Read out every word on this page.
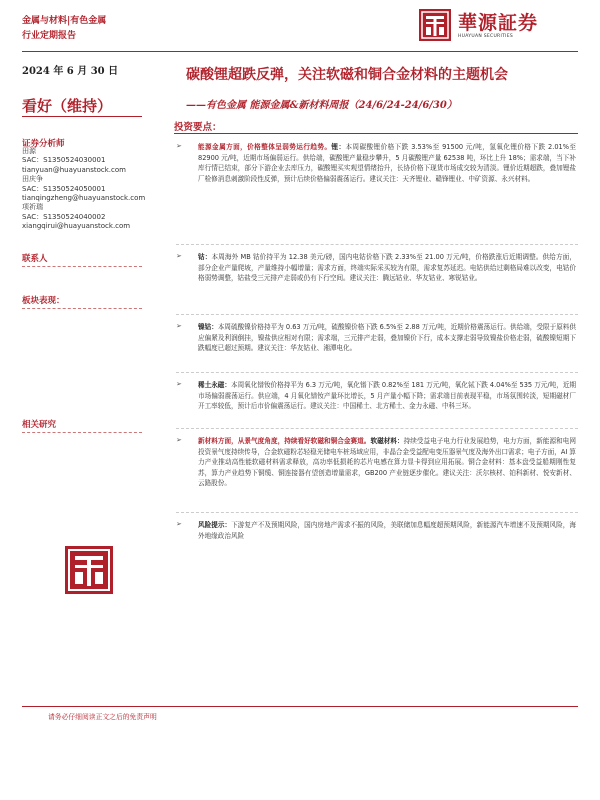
金属与材料|有色金属
行业定期报告
華源証券
HUAYUAN SECURITIES
2024 年 6 月 30 日
看好（维持）
碳酸锂超跌反弹，关注软磁和铜合金材料的主题机会
——有色金属 能源金属&新材料周报（24/6/24-24/6/30）
证券分析师
田源
SAC：S1350524030001
tianyuan@huayuanstock.com
田庆争
SAC：S1350524050001
tianqingzheng@huayuanstock.com
项祈瑞
SAC：S1350524040002
xiangqirui@huayuanstock.com
联系人
板块表现：
相关研究
投资要点：
➢ 能源金属方面，价格整体呈弱势运行趋势。锂：本周碳酸锂价格下跌 3.53%至 91500 元/吨，氢氧化锂价格下跌 2.01%至 82900 元/吨，近期市场偏弱运行。供给端，碳酸锂产量稳步攀升，5 月碳酸锂产量 62538 吨，环比上升 18%；需求端，当下补库行情已结束，部分下游企业去库压力，碳酸锂买实观望情绪抬升，长协价格下现货市场成交较为清淡。锂价近期超跌，叠加锂盐厂检修消息刺激阶段性反弹，预计后续价格偏弱震荡运行。建议关注：天齐锂业、赣锋锂业、中矿资源、永兴材料。
➢ 钴：本周海外 MB 钴价持平为 12.38 美元/磅，国内电钴价格下跌 2.33%至 21.00 万元/吨，价格跌涨后近期调整。供给方面，部分企业产量爬坡，产量维持小幅增量；需求方面，终端实际采买较为有限，需求复苏延迟。电钴供给过剩格局难以改变，电钴价格弱势调整，钴盐受三元排产走弱或仍有下行空间。建议关注：腾远钴业、华友钴业、寒锐钴业。
➢ 镍钴：本周硫酸镍价格持平为 0.63 万元/吨，硫酸镍价格下跌 6.5%至 2.88 万元/吨，近期价格震荡运行。供给端，受限于原料供应偏紧及利润倒挂，镍盐供应相对有限；需求端，三元排产走弱，叠加镍价下行，成本支撑走弱导致镍盐价格走弱，硫酸镍短期下跌幅度已超过预期。建议关注：华友钴业、湘潭电化。
➢ 稀土永磁：本周氧化镨钕价格持平为 6.3 万元/吨，氧化镨下跌 0.82%至 181 万元/吨，氧化铽下跌 4.04%至 535 万元/吨，近期市场偏弱震荡运行。供应端，4 月氧化镨钕产量环比增长，5 月产量小幅下降；需求端目前表现平稳，市场氛围转淡，短期磁材厂开工率较低，预计后市价偏震荡运行。建议关注：中国稀土、北方稀土、金力永磁、中科三环。
➢ 新材料方面，从景气度角度，持续看好软磁和铜合金赛道。软磁材料：持续受益电子电力行业发展趋势，电力方面，新能源和电网投资景气度持续传导，合金软磁粉芯轻稳光储电车桩场域应用，非晶合金受益配电变压器景气度及海外出口需求；电子方面，AI 算力产业推动高性能软磁材料需求释放，高功率低损耗的芯片电感在算力显卡得到应用拓展。铜合金材料：基本盘受益船期刚性复苏，算力产业趋势下铜缆、铜连接器有望创造增量需求，GB200 产业链逐步催化。建议关注：沃尔核材、铂科新材、悦安新材、云路股份。
➢ 风险提示：下游复产不及预期风险，国内房地产需求不振的风险，美联储加息幅度超预期风险，新能源汽车增速不及预期风险，海外地缘政治风险
请务必仔细阅读正文之后的免责声明
